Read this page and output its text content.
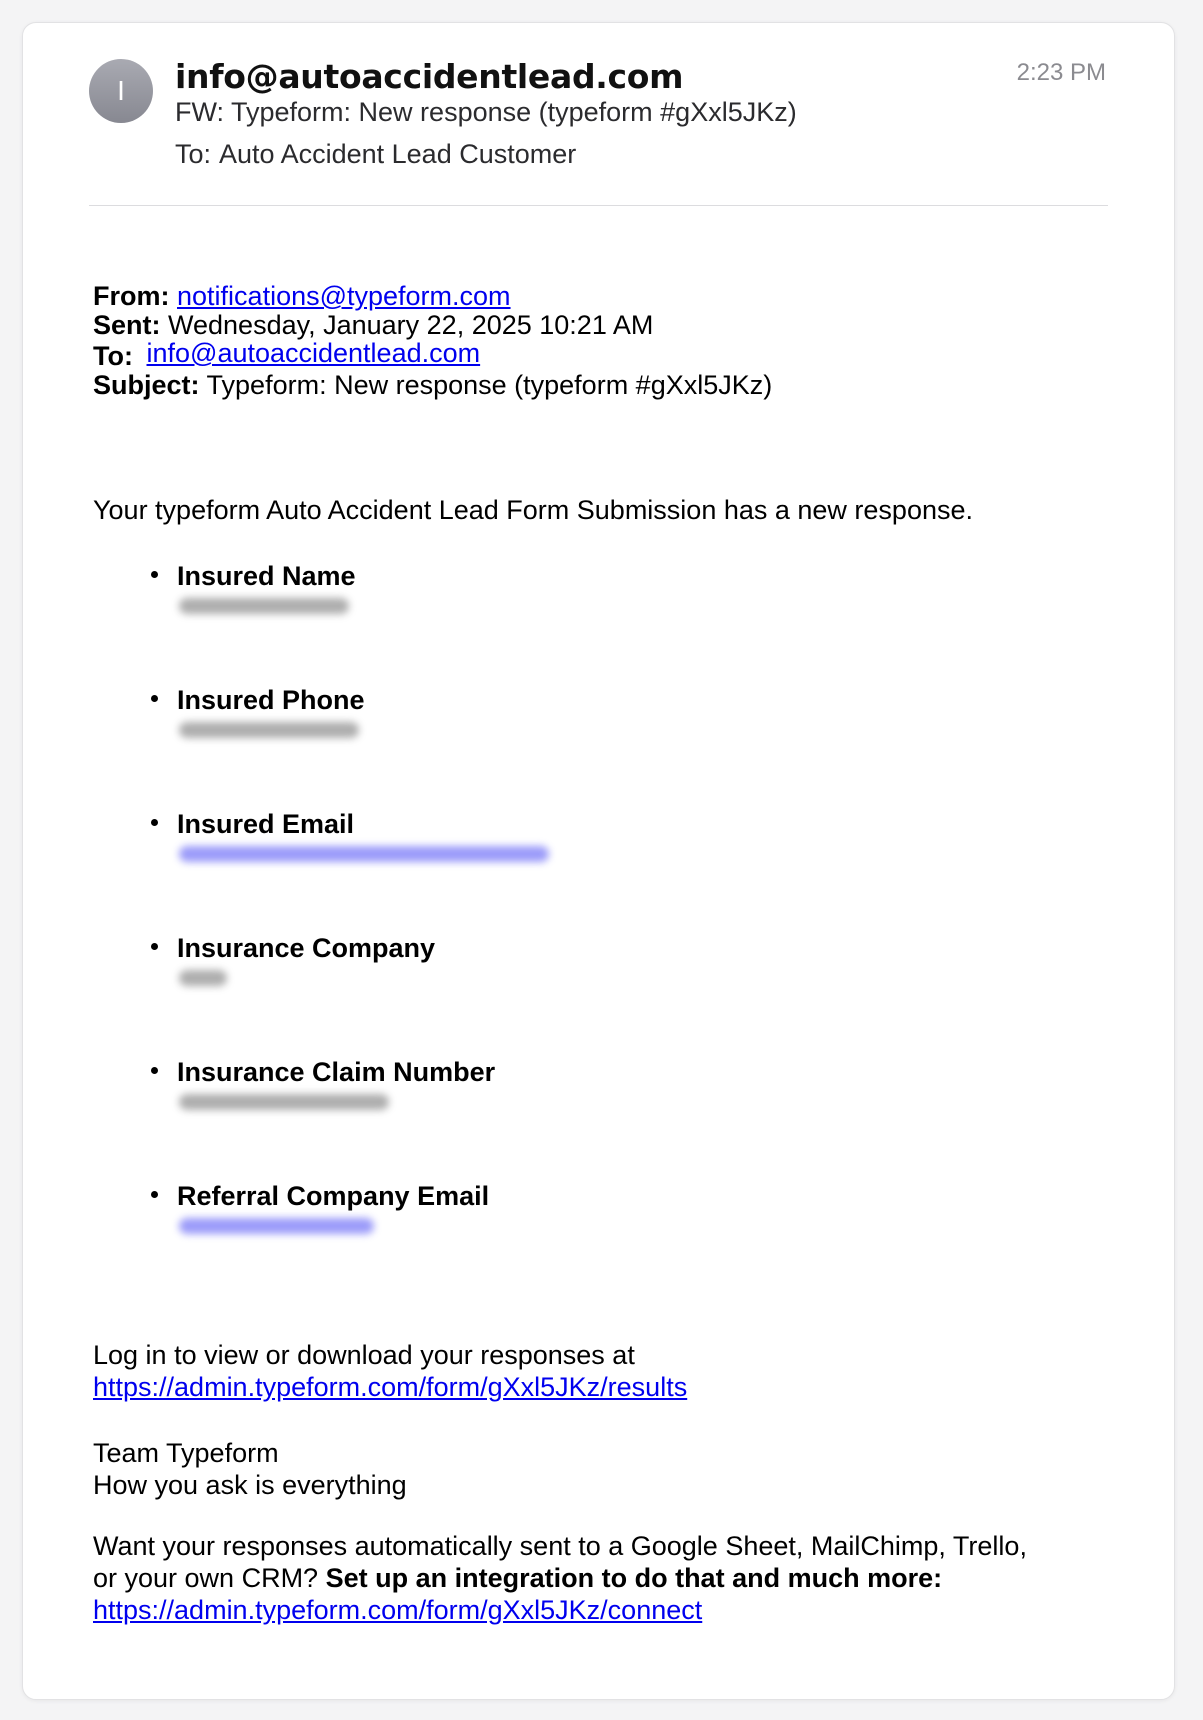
I info@autoaccidentlead.com	2:23 PM
FW: Typeform: New response (typeform #gXxl5JKz)
To: Auto Accident Lead Customer
From: notifications@typeform.com
Sent: Wednesday, January 22, 2025 10:21 AM
To: info@autoaccidentlead.com
Subject: Typeform: New response (typeform #gXxl5JKz)
Your typeform Auto Accident Lead Form Submission has a new response.
Insured Name
Insured Phone
Insured Email
Insurance Company
Insurance Claim Number
Referral Company Email
Log in to view or download your responses at
https://admin.typeform.com/form/gXxl5JKz/results
Team Typeform
How you ask is everything
Want your responses automatically sent to a Google Sheet, MailChimp, Trello,
or your own CRM? Set up an integration to do that and much more:
https://admin.typeform.com/form/gXxl5JKz/connect
